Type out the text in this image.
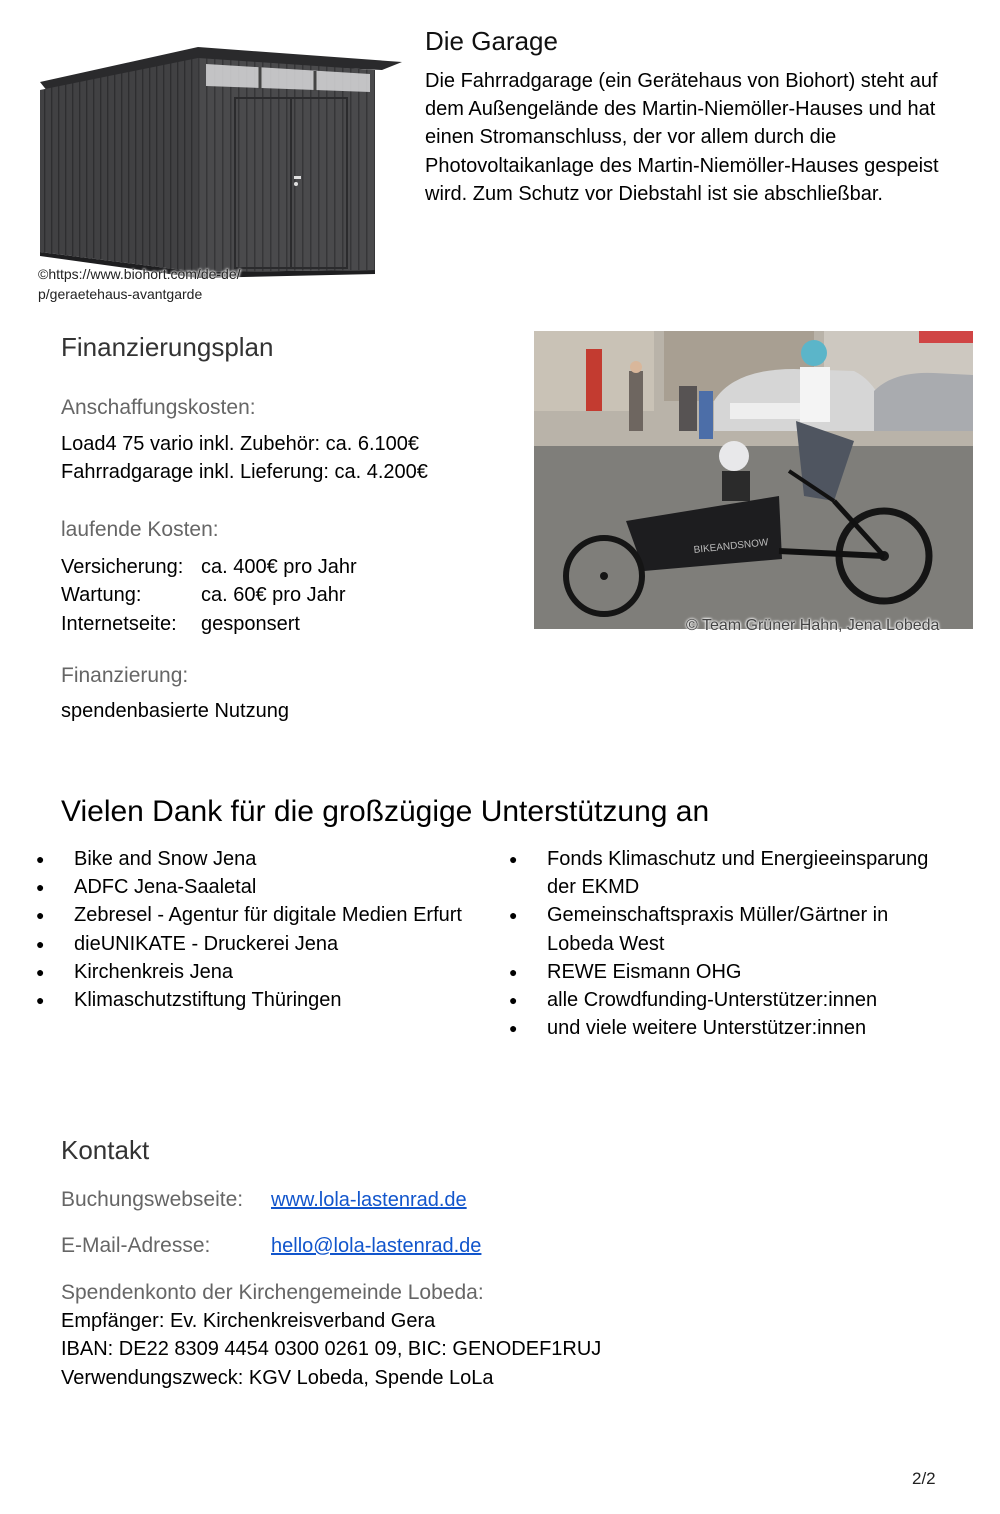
©https://www.biohort.com/de-de/
p/geraetehaus-avantgarde
Die Garage

Die Fahrradgarage (ein Gerätehaus von Biohort) steht auf dem Außengelände des Martin-Niemöller-Hauses und hat einen Stromanschluss, der vor allem durch die Photovoltaikanlage des Martin-Niemöller-Hauses gespeist wird. Zum Schutz vor Diebstahl ist sie abschließbar.

Finanzierungsplan
Anschaffungskosten:
Load4 75 vario inkl. Zubehör: ca. 6.100€
Fahrradgarage inkl. Lieferung: ca. 4.200€
laufende Kosten:
Versicherung: ca. 400€ pro Jahr
Wartung:	ca. 60€ pro Jahr
Internetseite:	gesponsert
Finanzierung:
spendenbasierte Nutzung
BIKEANDSNOW
© Team Grüner Hahn, Jena Lobeda
Vielen Dank für die großzügige Unterstützung an
● Bike and Snow Jena
● ADFC Jena-Saaletal
● Zebresel - Agentur für digitale Medien Erfurt
● dieUNIKATE - Druckerei Jena
● Kirchenkreis Jena
● Klimaschutzstiftung Thüringen
● Fonds Klimaschutz und Energieeinsparung der EKMD
● Gemeinschaftspraxis Müller/Gärtner in Lobeda West
● REWE Eismann OHG
● alle Crowdfunding-Unterstützer:innen
● und viele weitere Unterstützer:innen
Kontakt
Buchungswebseite: www.lola-lastenrad.de
E-Mail-Adresse:	hello@lola-lastenrad.de
Spendenkonto der Kirchengemeinde Lobeda:
Empfänger: Ev. Kirchenkreisverband Gera
IBAN: DE22 8309 4454 0300 0261 09, BIC: GENODEF1RUJ
Verwendungszweck: KGV Lobeda, Spende LoLa
2/2
